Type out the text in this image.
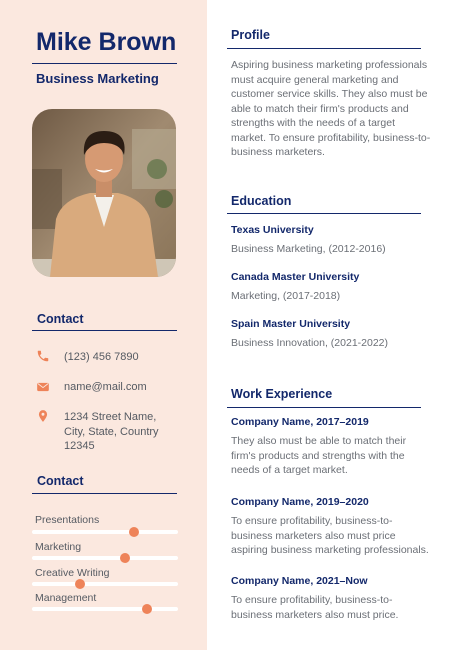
Mike Brown
Business Marketing
Contact
(123) 456 7890
name@mail.com
1234 Street Name,
City, State, Country
12345
Contact
Presentations
Marketing
Creative Writing
Management
Profile
Aspiring business marketing professionals must acquire general marketing and customer service skills. They also must be able to match their firm's products and strengths with the needs of a target market. To ensure profitability, business-to-business marketers.
Education
Texas University
Business Marketing, (2012-2016)
Canada Master University
Marketing, (2017-2018)
Spain Master University
Business Innovation, (2021-2022)
Work Experience
Company Name, 2017–2019
They also must be able to match their firm's products and strengths with the needs of a target market.
Company Name, 2019–2020
To ensure profitability, business-to-business marketers also must price aspiring business marketing professionals.
Company Name, 2021–Now
To ensure profitability, business-to-business marketers also must price.
